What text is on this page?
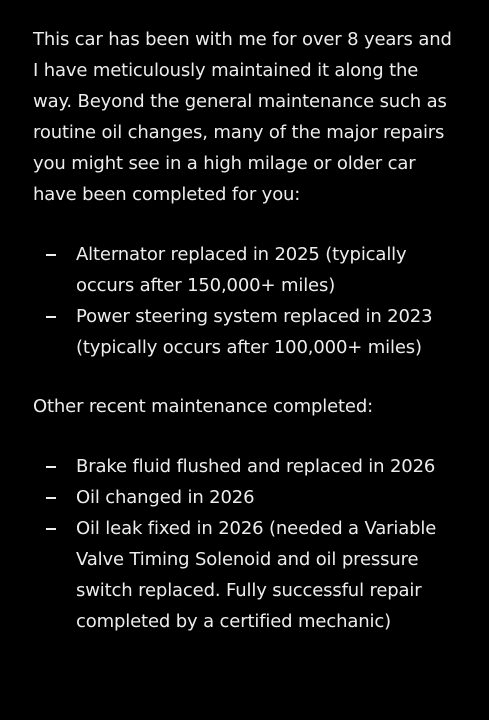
This car has been with me for over 8 years and I have meticulously maintained it along the way. Beyond the general maintenance such as routine oil changes, many of the major repairs you might see in a high milage or older car have been completed for you:

Alternator replaced in 2025 (typically occurs after 150,000+ miles)
Power steering system replaced in 2023 (typically occurs after 100,000+ miles)

Other recent maintenance completed:

Brake fluid flushed and replaced in 2026
Oil changed in 2026
Oil leak fixed in 2026 (needed a Variable Valve Timing Solenoid and oil pressure switch replaced. Fully successful repair completed by a certified mechanic)
